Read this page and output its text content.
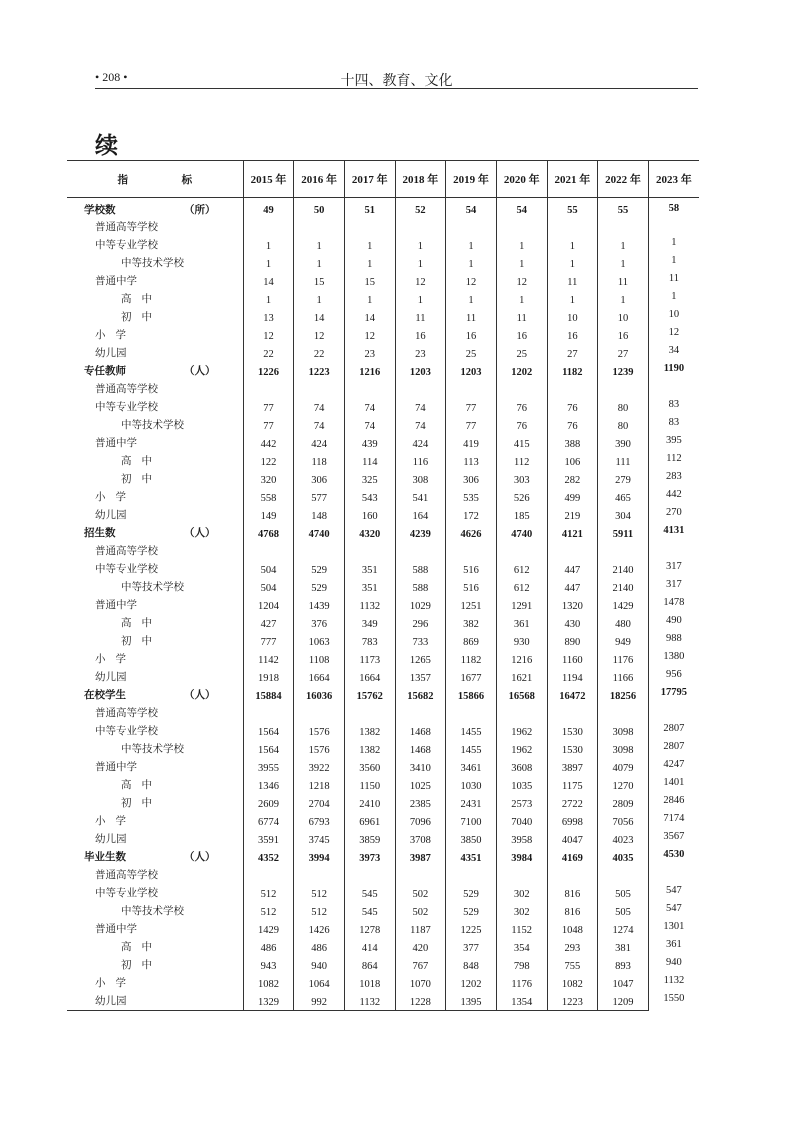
• 208 •	十四、教育、文化
续
指 标	2015 年	2016 年	2017 年	2018 年	2019 年	2020 年	2021 年	2022 年	2023 年
学校数 （所）	49	50	51	52	54	54	55	55	58
普通高等学校									
中等专业学校	1	1	1	1	1	1	1	1	1
中等技术学校	1	1	1	1	1	1	1	1	1
普通中学	14	15	15	12	12	12	11	11	11
高中	1	1	1	1	1	1	1	1	1
初中	13	14	14	11	11	11	10	10	10
小学	12	12	12	16	16	16	16	16	12
幼儿园	22	22	23	23	25	25	27	27	34
专任教师 （人）	1226	1223	1216	1203	1203	1202	1182	1239	1190
普通高等学校									
中等专业学校	77	74	74	74	77	76	76	80	83
中等技术学校	77	74	74	74	77	76	76	80	83
普通中学	442	424	439	424	419	415	388	390	395
高中	122	118	114	116	113	112	106	111	112
初中	320	306	325	308	306	303	282	279	283
小学	558	577	543	541	535	526	499	465	442
幼儿园	149	148	160	164	172	185	219	304	270
招生数 （人）	4768	4740	4320	4239	4626	4740	4121	5911	4131
普通高等学校									
中等专业学校	504	529	351	588	516	612	447	2140	317
中等技术学校	504	529	351	588	516	612	447	2140	317
普通中学	1204	1439	1132	1029	1251	1291	1320	1429	1478
高中	427	376	349	296	382	361	430	480	490
初中	777	1063	783	733	869	930	890	949	988
小学	1142	1108	1173	1265	1182	1216	1160	1176	1380
幼儿园	1918	1664	1664	1357	1677	1621	1194	1166	956
在校学生 （人）	15884	16036	15762	15682	15866	16568	16472	18256	17795
普通高等学校									
中等专业学校	1564	1576	1382	1468	1455	1962	1530	3098	2807
中等技术学校	1564	1576	1382	1468	1455	1962	1530	3098	2807
普通中学	3955	3922	3560	3410	3461	3608	3897	4079	4247
高中	1346	1218	1150	1025	1030	1035	1175	1270	1401
初中	2609	2704	2410	2385	2431	2573	2722	2809	2846
小学	6774	6793	6961	7096	7100	7040	6998	7056	7174
幼儿园	3591	3745	3859	3708	3850	3958	4047	4023	3567
毕业生数 （人）	4352	3994	3973	3987	4351	3984	4169	4035	4530
普通高等学校									
中等专业学校	512	512	545	502	529	302	816	505	547
中等技术学校	512	512	545	502	529	302	816	505	547
普通中学	1429	1426	1278	1187	1225	1152	1048	1274	1301
高中	486	486	414	420	377	354	293	381	361
初中	943	940	864	767	848	798	755	893	940
小学	1082	1064	1018	1070	1202	1176	1082	1047	1132
幼儿园	1329	992	1132	1228	1395	1354	1223	1209	1550
